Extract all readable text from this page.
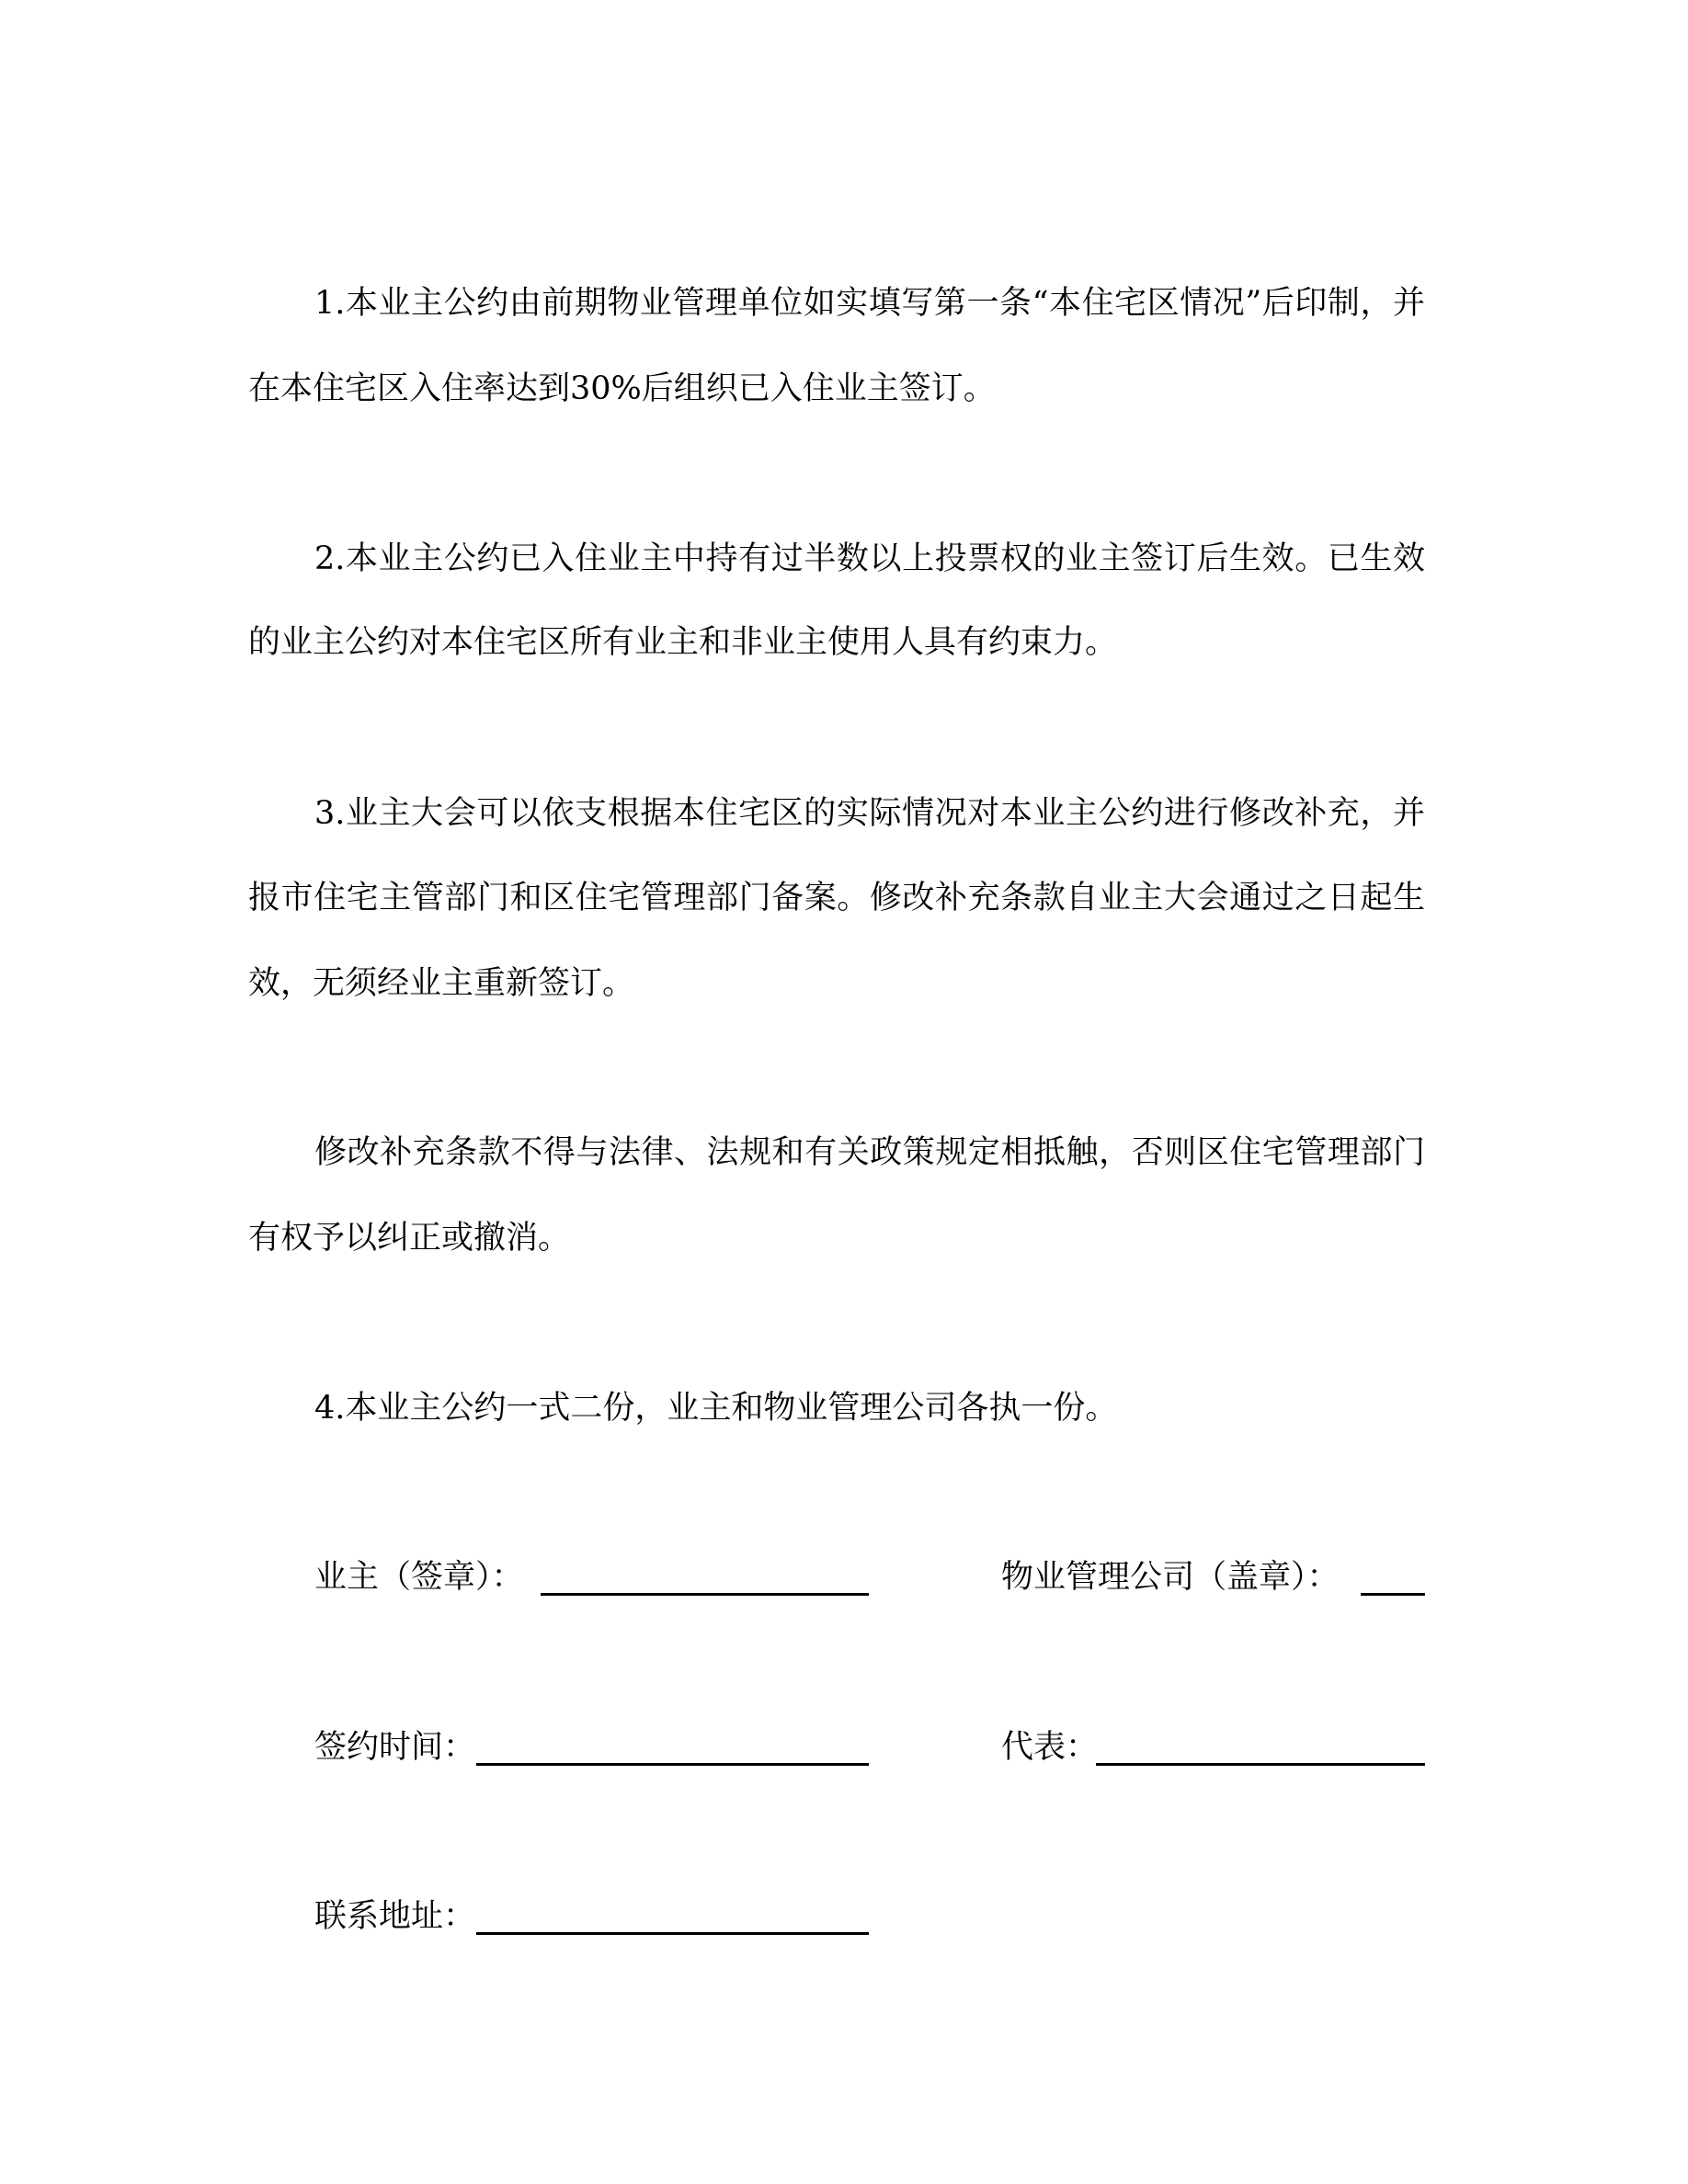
1.本业主公约由前期物业管理单位如实填写第一条“本住宅区情况”后印制，并
在本住宅区入住率达到30%后组织已入住业主签订。
2.本业主公约已入住业主中持有过半数以上投票权的业主签订后生效。已生效
的业主公约对本住宅区所有业主和非业主使用人具有约束力。
3.业主大会可以依支根据本住宅区的实际情况对本业主公约进行修改补充，并
报市住宅主管部门和区住宅管理部门备案。修改补充条款自业主大会通过之日起生
效，无须经业主重新签订。
修改补充条款不得与法律、法规和有关政策规定相抵触，否则区住宅管理部门
有权予以纠正或撤消。
4.本业主公约一式二份，业主和物业管理公司各执一份。
业主（签章）：	物业管理公司（盖章）：
签约时间：	代表：
联系地址：
